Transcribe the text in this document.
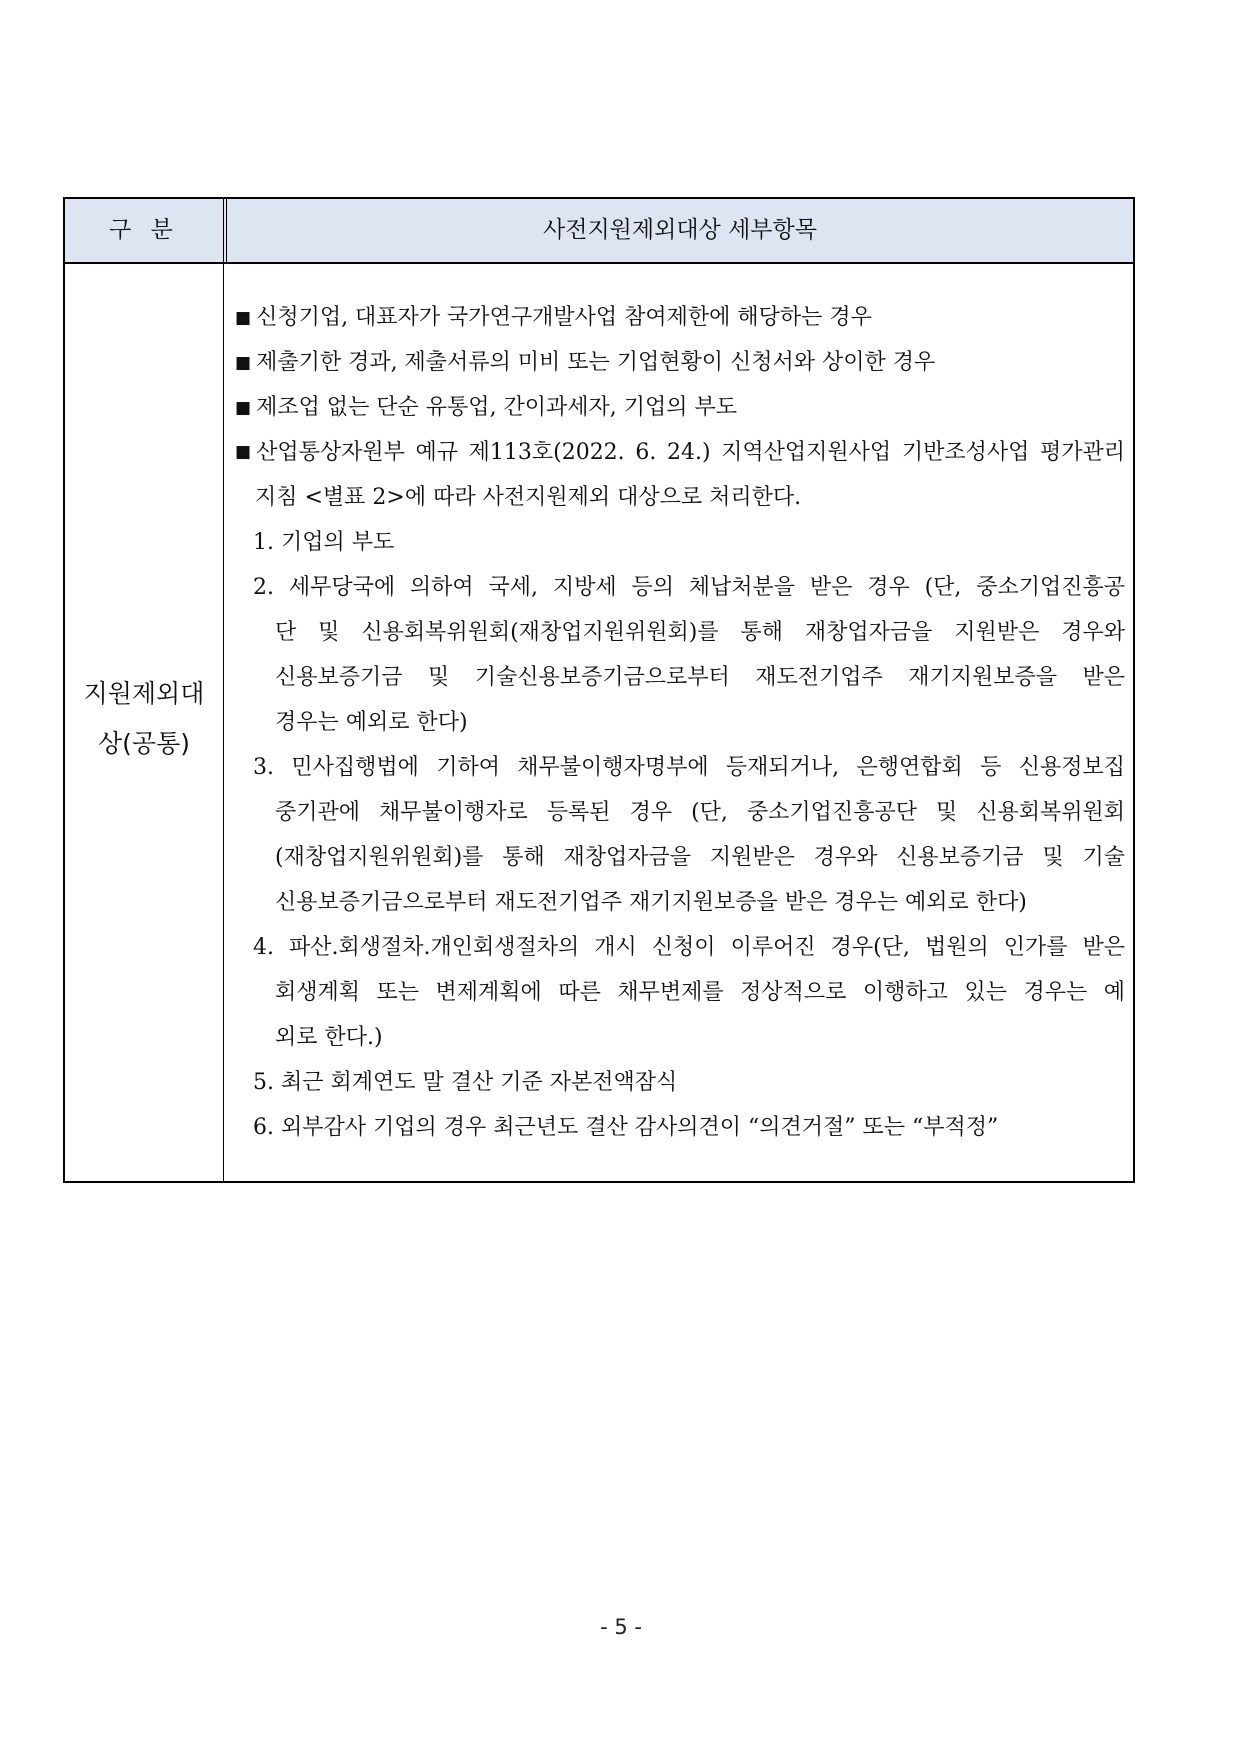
구 분	사전지원제외대상 세부항목
지원제외대
상(공통)
■ 신청기업, 대표자가 국가연구개발사업 참여제한에 해당하는 경우
■ 제출기한 경과, 제출서류의 미비 또는 기업현황이 신청서와 상이한 경우
■ 제조업 없는 단순 유통업, 간이과세자, 기업의 부도
■ 산업통상자원부 예규 제113호(2022. 6. 24.) 지역산업지원사업 기반조성사업 평가관리
지침 <별표 2>에 따라 사전지원제외 대상으로 처리한다.
1. 기업의 부도
2. 세무당국에 의하여 국세, 지방세 등의 체납처분을 받은 경우 (단, 중소기업진흥공
단 및 신용회복위원회(재창업지원위원회)를 통해 재창업자금을 지원받은 경우와
신용보증기금 및 기술신용보증기금으로부터 재도전기업주 재기지원보증을 받은
경우는 예외로 한다)
3. 민사집행법에 기하여 채무불이행자명부에 등재되거나, 은행연합회 등 신용정보집
중기관에 채무불이행자로 등록된 경우 (단, 중소기업진흥공단 및 신용회복위원회
(재창업지원위원회)를 통해 재창업자금을 지원받은 경우와 신용보증기금 및 기술
신용보증기금으로부터 재도전기업주 재기지원보증을 받은 경우는 예외로 한다)
4. 파산.회생절차.개인회생절차의 개시 신청이 이루어진 경우(단, 법원의 인가를 받은
회생계획 또는 변제계획에 따른 채무변제를 정상적으로 이행하고 있는 경우는 예
외로 한다.)
5. 최근 회계연도 말 결산 기준 자본전액잠식
6. 외부감사 기업의 경우 최근년도 결산 감사의견이 “의견거절” 또는 “부적정”
- 5 -
